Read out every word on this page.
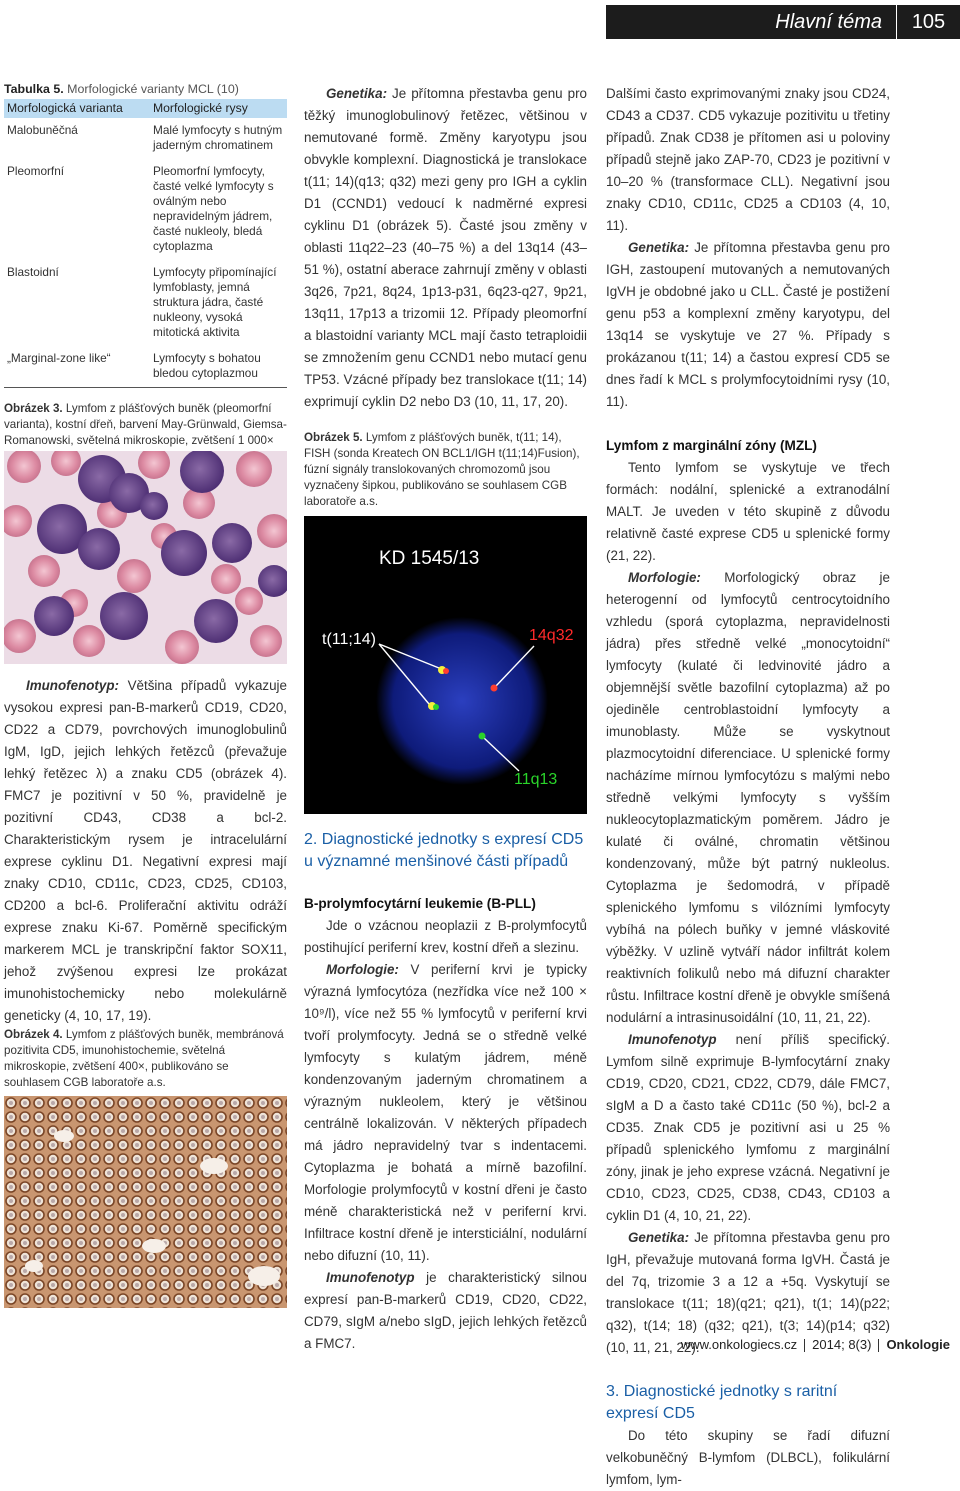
Hlavní téma	105
Tabulka 5. Morfologické varianty MCL (10)
Morfologická varianta	Morfologické rysy
Malobuněčná	Malé lymfocyty s hutným jaderným chromatinem
Pleomorfní	Pleomorfní lymfocyty, časté velké lymfocyty s oválným nebo nepravidelným jádrem, časté nukleoly, bledá cytoplazma
Blastoidní	Lymfocyty připomínající lymfoblasty, jemná struktura jádra, časté nukleony, vysoká mitotická aktivita
„Marginal-zone like“	Lymfocyty s bohatou bledou cytoplazmou

Obrázek 3. Lymfom z plášťových buněk (pleomorfní varianta), kostní dřeň, barvení May-Grünwald, Giemsa-Romanowski, světelná mikroskopie, zvětšení 1 000×

Imunofenotyp: Většina případů vykazuje vysokou expresi pan-B-markerů CD19, CD20, CD22 a CD79, povrchových imunoglobulinů IgM, IgD, jejich lehkých řetězců (převažuje lehký řetězec λ) a znaku CD5 (obrázek 4). FMC7 je pozitivní v 50 %, pravidelně je pozitivní CD43, CD38 a bcl-2. Charakteristickým rysem je intracelulární exprese cyklinu D1. Negativní expresi mají znaky CD10, CD11c, CD23, CD25, CD103, CD200 a bcl-6. Proliferační aktivitu odráží exprese znaku Ki-67. Poměrně specifickým markerem MCL je transkripční faktor SOX11, jehož zvýšenou expresi lze prokázat imunohistochemicky nebo molekulárně geneticky (4, 10, 17, 19).

Obrázek 4. Lymfom z plášťových buněk, membránová pozitivita CD5, imunohistochemie, světelná mikroskopie, zvětšení 400×, publikováno se souhlasem CGB laboratoře a.s.

Genetika: Je přítomna přestavba genu pro těžký imunoglobulinový řetězec, většinou v nemutované formě. Změny karyotypu jsou obvykle komplexní. Diagnostická je translokace t(11; 14)(q13; q32) mezi geny pro IGH a cyklin D1 (CCND1) vedoucí k nadměrné expresi cyklinu D1 (obrázek 5). Časté jsou změny v oblasti 11q22–23 (40–75 %) a del 13q14 (43–51 %), ostatní aberace zahrnují změny v oblasti 3q26, 7p21, 8q24, 1p13-p31, 6q23-q27, 9p21, 13q11, 17p13 a trizomii 12. Případy pleomorfní a blastoidní varianty MCL mají často tetraploidii se zmnožením genu CCND1 nebo mutací genu TP53. Vzácné případy bez translokace t(11; 14) exprimují cyklin D2 nebo D3 (10, 11, 17, 20).

Obrázek 5. Lymfom z plášťových buněk, t(11; 14), FISH (sonda Kreatech ON BCL1/IGH t(11;14)Fusion), fúzní signály translokovaných chromozomů jsou vyznačeny šipkou, publikováno se souhlasem CGB laboratoře a.s.

KD 1545/13
t(11;14)	14q32
11q13

2. Diagnostické jednotky s expresí CD5 u významné menšinové části případů

B-prolymfocytární leukemie (B-PLL)

Jde o vzácnou neoplazii z B-prolymfocytů postihující periferní krev, kostní dřeň a slezinu.

Morfologie: V periferní krvi je typicky výrazná lymfocytóza (nezřídka více než 100 × 10⁹/l), více než 55 % lymfocytů v periferní krvi tvoří prolymfocyty. Jedná se o středně velké lymfocyty s kulatým jádrem, méně kondenzovaným jaderným chromatinem a výrazným nukleolem, který je většinou centrálně lokalizován. V některých případech má jádro nepravidelný tvar s indentacemi. Cytoplazma je bohatá a mírně bazofilní. Morfologie prolymfocytů v kostní dřeni je často méně charakteristická než v periferní krvi. Infiltrace kostní dřeně je intersticiální, nodulární nebo difuzní (10, 11).

Imunofenotyp je charakteristický silnou expresí pan-B-markerů CD19, CD20, CD22, CD79, sIgM a/nebo sIgD, jejich lehkých řetězců a FMC7.

Dalšími často exprimovanými znaky jsou CD24, CD43 a CD37. CD5 vykazuje pozitivitu u třetiny případů. Znak CD38 je přítomen asi u poloviny případů stejně jako ZAP-70, CD23 je pozitivní v 10–20 % (transformace CLL). Negativní jsou znaky CD10, CD11c, CD25 a CD103 (4, 10, 11).

Genetika: Je přítomna přestavba genu pro IGH, zastoupení mutovaných a nemutovaných IgVH je obdobné jako u CLL. Časté je postižení genu p53 a komplexní změny karyotypu, del 13q14 se vyskytuje ve 27 %. Případy s prokázanou t(11; 14) a častou expresí CD5 se dnes řadí k MCL s prolymfocytoidními rysy (10, 11).

Lymfom z marginální zóny (MZL)

Tento lymfom se vyskytuje ve třech formách: nodální, splenické a extranodální MALT. Je uveden v této skupině z důvodu relativně časté exprese CD5 u splenické formy (21, 22).

Morfologie: Morfologický obraz je heterogenní od lymfocytů centrocytoidního vzhledu (sporá cytoplazma, nepravidelnosti jádra) přes středně velké „monocytoidní“ lymfocyty (kulaté či ledvinovité jádro a objemnější světle bazofilní cytoplazma) až po ojediněle centroblastoidní lymfocyty a imunoblasty. Může se vyskytnout plazmocytoidní diferenciace. U splenické formy nacházíme mírnou lymfocytózu s malými nebo středně velkými lymfocyty s vyšším nukleocytoplazmatickým poměrem. Jádro je kulaté či oválné, chromatin většinou kondenzovaný, může být patrný nukleolus. Cytoplazma je šedomodrá, v případě splenického lymfomu s vilózními lymfocyty vybíhá na pólech buňky v jemné vláskovité výběžky. V uzlině vytváří nádor infiltrát kolem reaktivních folikulů nebo má difuzní charakter růstu. Infiltrace kostní dřeně je obvykle smíšená nodulární a intrasinusoidální (10, 11, 21, 22).

Imunofenotyp není příliš specifický. Lymfom silně exprimuje B-lymfocytární znaky CD19, CD20, CD21, CD22, CD79, dále FMC7, sIgM a D a často také CD11c (50 %), bcl-2 a CD35. Znak CD5 je pozitivní asi u 25 % případů splenického lymfomu z marginální zóny, jinak je jeho exprese vzácná. Negativní je CD10, CD23, CD25, CD38, CD43, CD103 a cyklin D1 (4, 10, 21, 22).

Genetika: Je přítomna přestavba genu pro IgH, převažuje mutovaná forma IgVH. Častá je del 7q, trizomie 3 a 12 a +5q. Vyskytují se translokace t(11; 18)(q21; q21), t(1; 14)(p22; q32), t(14; 18) (q32; q21), t(3; 14)(p14; q32) (10, 11, 21, 22).

3. Diagnostické jednotky s raritní expresí CD5

Do této skupiny se řadí difuzní velkobuněčný B-lymfom (DLBCL), folikulární lymfom, lym-

www.onkologiecs.cz 2014; 8(3) Onkologie
